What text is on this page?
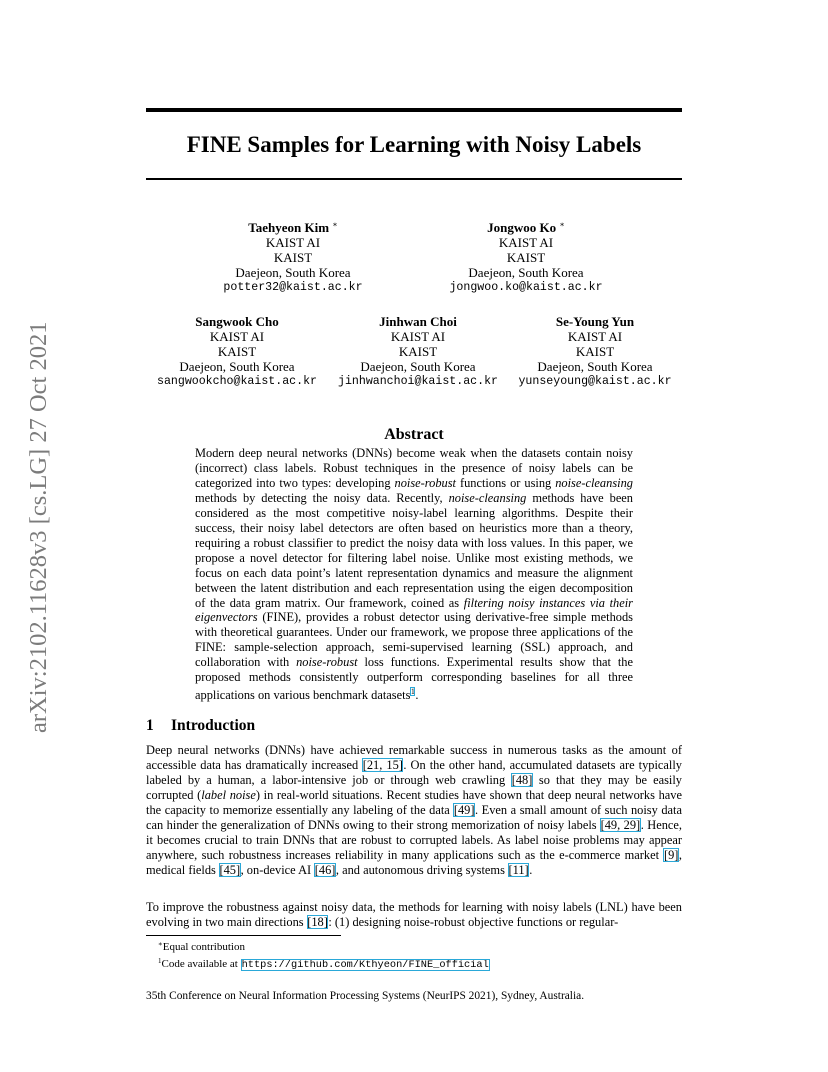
arXiv:2102.11628v3 [cs.LG] 27 Oct 2021
FINE Samples for Learning with Noisy Labels
Taehyeon Kim ∗
KAIST AI
KAIST
Daejeon, South Korea
potter32@kaist.ac.kr
Jongwoo Ko ∗
KAIST AI
KAIST
Daejeon, South Korea
jongwoo.ko@kaist.ac.kr
Sangwook Cho
KAIST AI
KAIST
Daejeon, South Korea
sangwookcho@kaist.ac.kr
Jinhwan Choi
KAIST AI
KAIST
Daejeon, South Korea
jinhwanchoi@kaist.ac.kr
Se-Young Yun
KAIST AI
KAIST
Daejeon, South Korea
yunseyoung@kaist.ac.kr
Abstract
Modern deep neural networks (DNNs) become weak when the datasets contain noisy (incorrect) class labels. Robust techniques in the presence of noisy labels can be categorized into two types: developing noise-robust functions or using noise-cleansing methods by detecting the noisy data. Recently, noise-cleansing methods have been considered as the most competitive noisy-label learning algorithms. Despite their success, their noisy label detectors are often based on heuristics more than a theory, requiring a robust classifier to predict the noisy data with loss values. In this paper, we propose a novel detector for filtering label noise. Unlike most existing methods, we focus on each data point’s latent representation dynamics and measure the alignment between the latent distribution and each representation using the eigen decomposition of the data gram matrix. Our framework, coined as filtering noisy instances via their eigenvectors (FINE), provides a robust detector using derivative-free simple methods with theoretical guarantees. Under our framework, we propose three applications of the FINE: sample-selection approach, semi-supervised learning (SSL) approach, and collaboration with noise-robust loss functions. Experimental results show that the proposed methods consistently outperform corresponding baselines for all three applications on various benchmark datasets$^1$.
1 Introduction
Deep neural networks (DNNs) have achieved remarkable success in numerous tasks as the amount of accessible data has dramatically increased [21, 15]. On the other hand, accumulated datasets are typically labeled by a human, a labor-intensive job or through web crawling [48] so that they may be easily corrupted (label noise) in real-world situations. Recent studies have shown that deep neural networks have the capacity to memorize essentially any labeling of the data [49]. Even a small amount of such noisy data can hinder the generalization of DNNs owing to their strong memorization of noisy labels [49, 29]. Hence, it becomes crucial to train DNNs that are robust to corrupted labels. As label noise problems may appear anywhere, such robustness increases reliability in many applications such as the e-commerce market [9], medical fields [45], on-device AI [46], and autonomous driving systems [11].
To improve the robustness against noisy data, the methods for learning with noisy labels (LNL) have been evolving in two main directions [18]: (1) designing noise-robust objective functions or regular-
∗Equal contribution
$^1$Code available at https://github.com/Kthyeon/FINE_official
35th Conference on Neural Information Processing Systems (NeurIPS 2021), Sydney, Australia.
